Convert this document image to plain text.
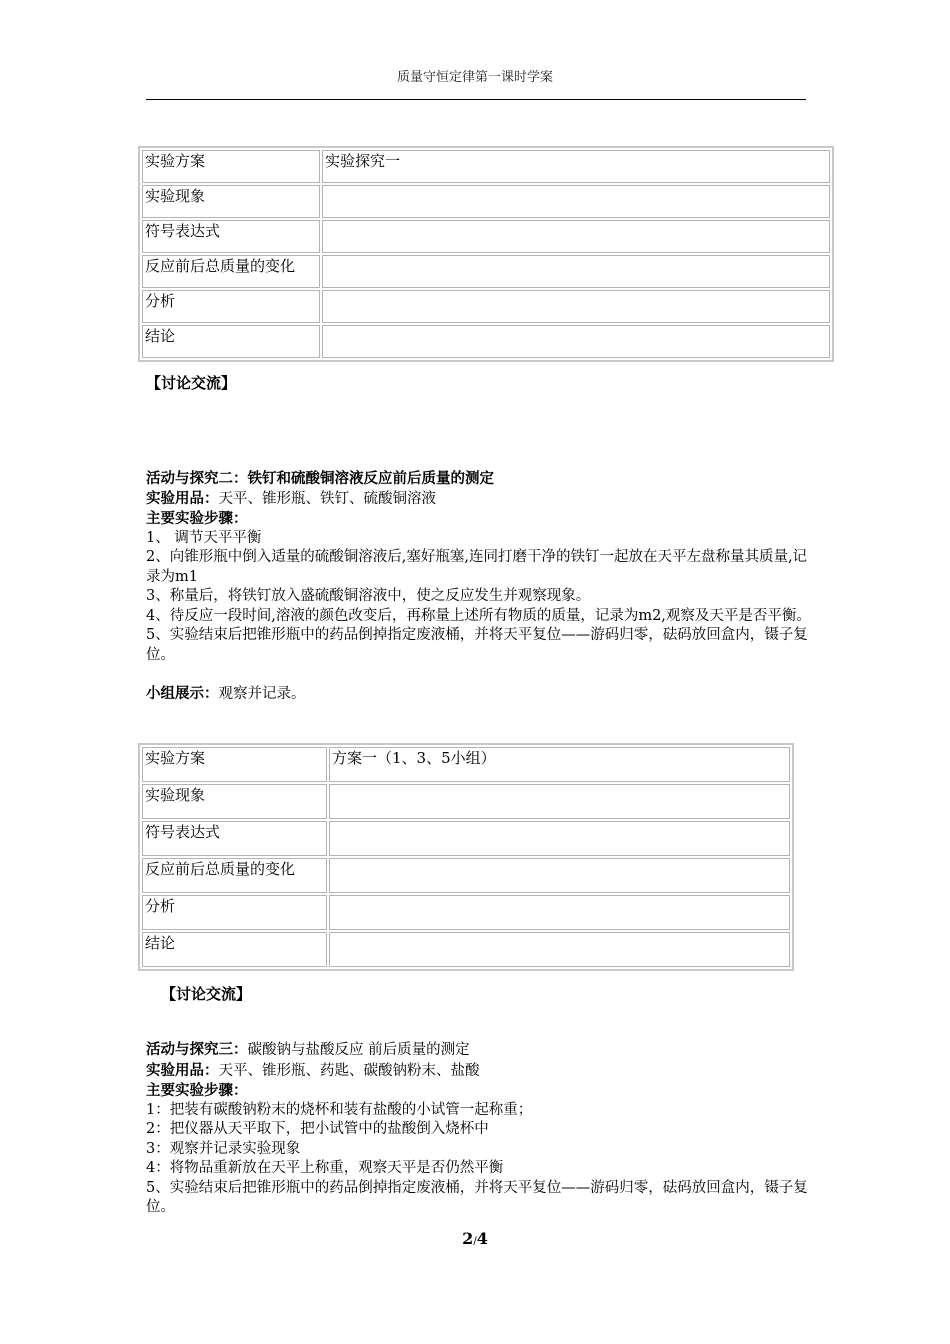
质量守恒定律第一课时学案
实验方案	实验探究一
实验现象	
符号表达式	
反应前后总质量的变化	
分析	
结论	
【讨论交流】

活动与探究二：铁钉和硫酸铜溶液反应前后质量的测定

实验用品：天平、锥形瓶、铁钉、硫酸铜溶液

主要实验步骤：

1、 调节天平平衡

2、向锥形瓶中倒入适量的硫酸铜溶液后,塞好瓶塞,连同打磨干净的铁钉一起放在天平左盘称量其质量,记录为m1

3、称量后，将铁钉放入盛硫酸铜溶液中，使之反应发生并观察现象。

4、待反应一段时间,溶液的颜色改变后，再称量上述所有物质的质量，记录为m2,观察及天平是否平衡。

5、实验结束后把锥形瓶中的药品倒掉指定废液桶，并将天平复位——游码归零，砝码放回盒内，镊子复位。

小组展示：观察并记录。

实验方案	方案一（1、3、5小组）
实验现象	
符号表达式	
反应前后总质量的变化	
分析	
结论	
【讨论交流】

活动与探究三：碳酸钠与盐酸反应 前后质量的测定

实验用品：天平、锥形瓶、药匙、碳酸钠粉末、盐酸

主要实验步骤：

1：把装有碳酸钠粉末的烧杯和装有盐酸的小试管一起称重；

2：把仪器从天平取下，把小试管中的盐酸倒入烧杯中

3：观察并记录实验现象

4：将物品重新放在天平上称重，观察天平是否仍然平衡

5、实验结束后把锥形瓶中的药品倒掉指定废液桶，并将天平复位——游码归零，砝码放回盒内，镊子复位。

2/4
